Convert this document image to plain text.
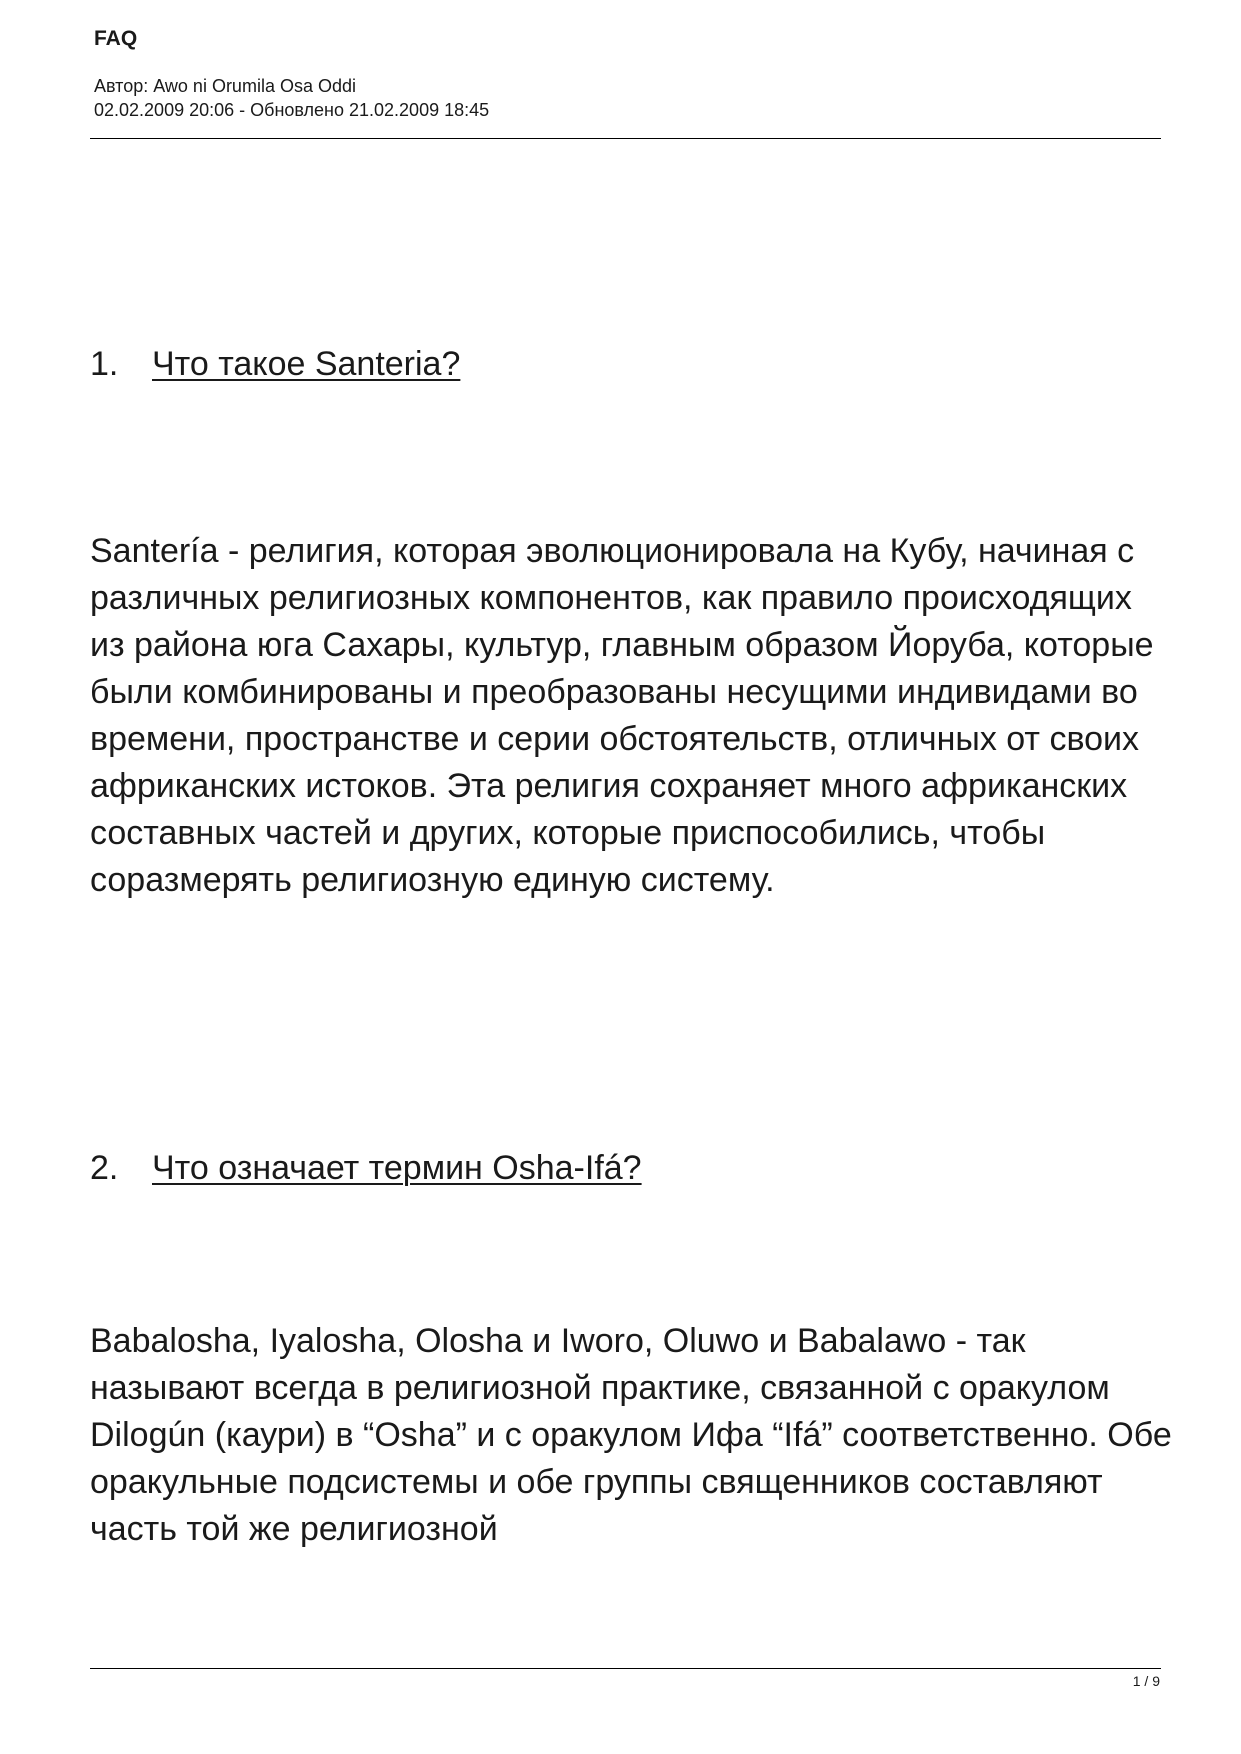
FAQ
Автор: Awo ni Orumila Osa Oddi
02.02.2009 20:06 - Обновлено 21.02.2009 18:45
1. Что такое Santeria?

Santería - религия, которая эволюционировала на Кубу, начиная с различных религиозных компонентов, как правило происходящих из района юга Сахары, культур, главным образом Йоруба, которые были комбинированы и преобразованы несущими индивидами во времени, пространстве и серии обстоятельств, отличных от своих африканских истоков. Эта религия сохраняет много африканских составных частей и других, которые приспособились, чтобы соразмерять религиозную единую систему.

2. Что означает термин Osha-Ifá?

Babalosha, Iyalosha, Olosha и Iworo, Oluwo и Babalawo - так называют всегда в религиозной практике, связанной с оракулом Dilogún (каури) в “Osha” и с оракулом Ифа “Ifá” соответственно. Обе оракульные подсистемы и обе группы священников составляют часть той же религиозной

1 / 9
